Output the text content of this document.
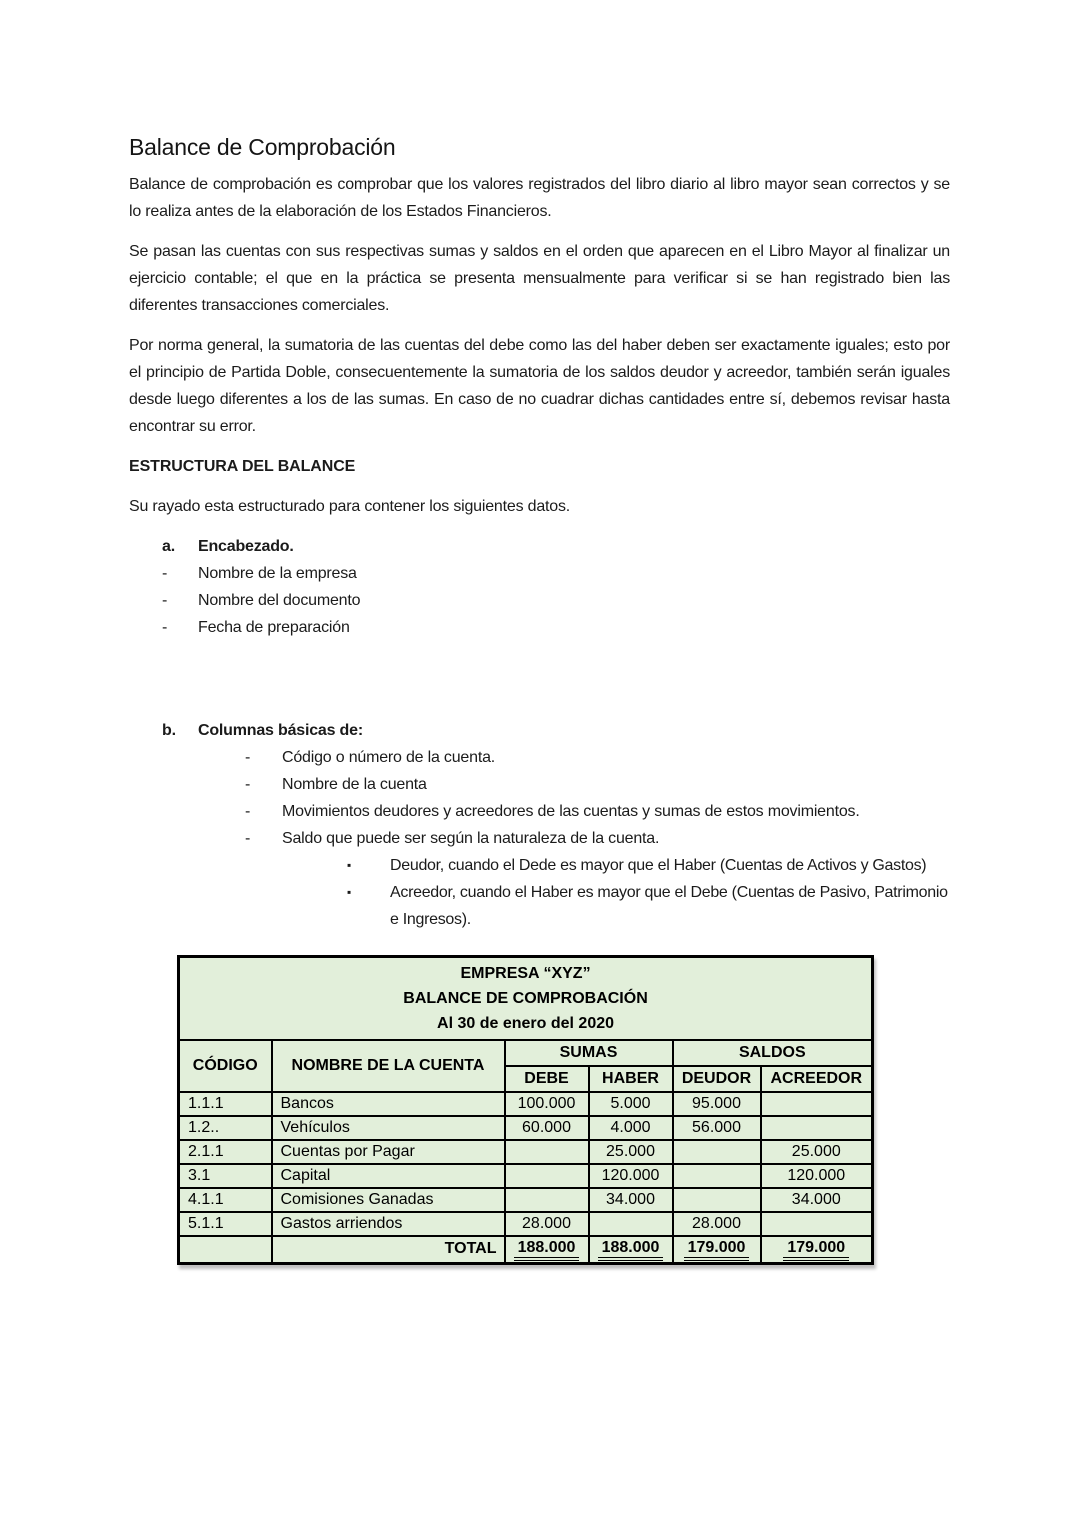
Balance de Comprobación

Balance de comprobación es comprobar que los valores registrados del libro diario al libro mayor sean correctos y se lo realiza antes de la elaboración de los Estados Financieros.

Se pasan las cuentas con sus respectivas sumas y saldos en el orden que aparecen en el Libro Mayor al finalizar un ejercicio contable; el que en la práctica se presenta mensualmente para verificar si se han registrado bien las diferentes transacciones comerciales.

Por norma general, la sumatoria de las cuentas del debe como las del haber deben ser exactamente iguales; esto por el principio de Partida Doble, consecuentemente la sumatoria de los saldos deudor y acreedor, también serán iguales desde luego diferentes a los de las sumas. En caso de no cuadrar dichas cantidades entre sí, debemos revisar hasta encontrar su error.

ESTRUCTURA DEL BALANCE

Su rayado esta estructurado para contener los siguientes datos.

a.	Encabezado.
-	Nombre de la empresa
-	Nombre del documento
-	Fecha de preparación
b.	Columnas básicas de:
-	Código o número de la cuenta.
-	Nombre de la cuenta
-	Movimientos deudores y acreedores de las cuentas y sumas de estos movimientos.
-	Saldo que puede ser según la naturaleza de la cuenta.
▪	Deudor, cuando el Dede es mayor que el Haber (Cuentas de Activos y Gastos)
▪	Acreedor, cuando el Haber es mayor que el Debe (Cuentas de Pasivo, Patrimonio e Ingresos).
EMPRESA “XYZ”
BALANCE DE COMPROBACIÓN
Al 30 de enero del 2020					

CÓDIGO	NOMBRE DE LA CUENTA	SUMAS		SALDOS	
		DEBE	HABER	DEUDOR	ACREEDOR
1.1.1	Bancos	100.000	5.000	95.000	
1.2..	Vehículos	60.000	4.000	56.000	
2.1.1	Cuentas por Pagar		25.000		25.000
3.1	Capital		120.000		120.000
4.1.1	Comisiones Ganadas		34.000		34.000
5.1.1	Gastos arriendos	28.000		28.000	
	TOTAL	188.000	188.000	179.000	179.000
